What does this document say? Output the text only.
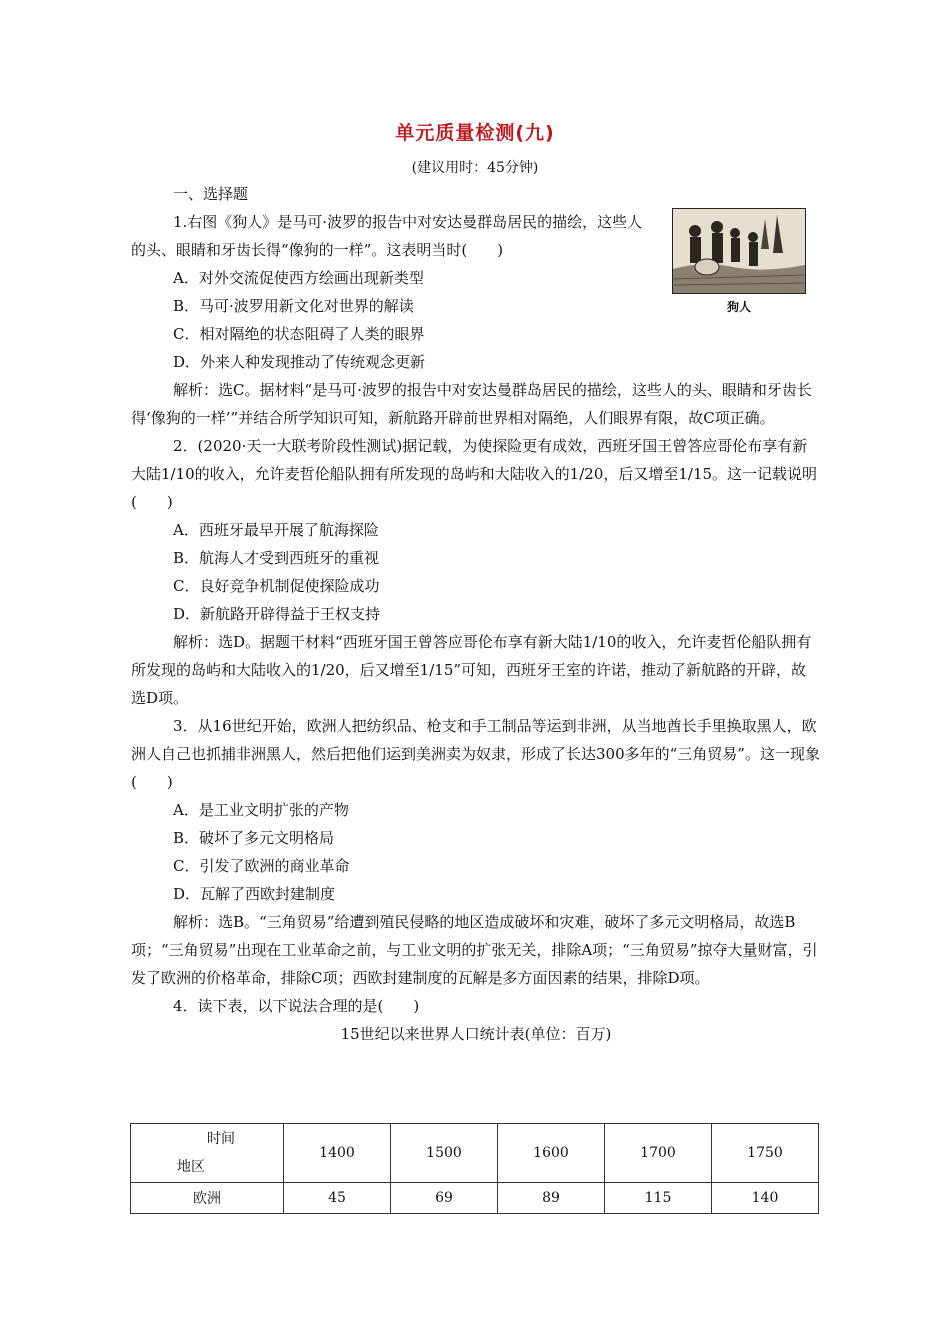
单元质量检测(九)
(建议用时：45分钟)
狗人

一、选择题

1.右图《狗人》是马可·波罗的报告中对安达曼群岛居民的描绘，这些人的头、眼睛和牙齿长得“像狗的一样”。这表明当时(　　)

A．对外交流促使西方绘画出现新类型

B．马可·波罗用新文化对世界的解读

C．相对隔绝的状态阻碍了人类的眼界

D．外来人种发现推动了传统观念更新

解析：选C。据材料“是马可·波罗的报告中对安达曼群岛居民的描绘，这些人的头、眼睛和牙齿长得‘像狗的一样’”并结合所学知识可知，新航路开辟前世界相对隔绝，人们眼界有限，故C项正确。

2．(2020·天一大联考阶段性测试)据记载，为使探险更有成效，西班牙国王曾答应哥伦布享有新大陆1/10的收入，允许麦哲伦船队拥有所发现的岛屿和大陆收入的1/20，后又增至1/15。这一记载说明(　　)

A．西班牙最早开展了航海探险

B．航海人才受到西班牙的重视

C．良好竞争机制促使探险成功

D．新航路开辟得益于王权支持

解析：选D。据题干材料“西班牙国王曾答应哥伦布享有新大陆1/10的收入，允许麦哲伦船队拥有所发现的岛屿和大陆收入的1/20，后又增至1/15”可知，西班牙王室的许诺，推动了新航路的开辟，故选D项。

3．从16世纪开始，欧洲人把纺织品、枪支和手工制品等运到非洲，从当地酋长手里换取黑人，欧洲人自己也抓捕非洲黑人，然后把他们运到美洲卖为奴隶，形成了长达300多年的“三角贸易”。这一现象(　　)

A．是工业文明扩张的产物

B．破坏了多元文明格局

C．引发了欧洲的商业革命

D．瓦解了西欧封建制度

解析：选B。“三角贸易”给遭到殖民侵略的地区造成破坏和灾难，破坏了多元文明格局，故选B项；“三角贸易”出现在工业革命之前，与工业文明的扩张无关，排除A项；“三角贸易”掠夺大量财富，引发了欧洲的价格革命，排除C项；西欧封建制度的瓦解是多方面因素的结果，排除D项。

4．读下表，以下说法合理的是(　　)

15世纪以来世界人口统计表(单位：百万)

时间
地区	1400	1500	1600	1700	1750
欧洲	45	69	89	115	140
